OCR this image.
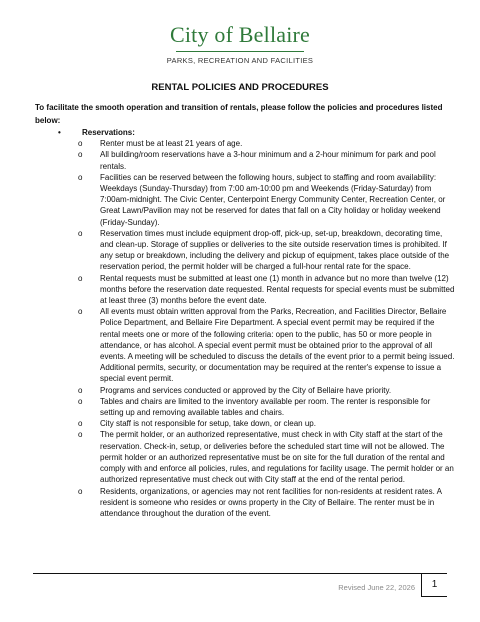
City of Bellaire
PARKS, RECREATION AND FACILITIES
RENTAL POLICIES AND PROCEDURES
To facilitate the smooth operation and transition of rentals, please follow the policies and procedures listed below:
•	Reservations:
o Renter must be at least 21 years of age.
o All building/room reservations have a 3-hour minimum and a 2-hour minimum for park and pool rentals.
o Facilities can be reserved between the following hours, subject to staffing and room availability: Weekdays (Sunday-Thursday) from 7:00 am-10:00 pm and Weekends (Friday-Saturday) from 7:00am-midnight. The Civic Center, Centerpoint Energy Community Center, Recreation Center, or Great Lawn/Pavilion may not be reserved for dates that fall on a City holiday or holiday weekend (Friday-Sunday).
o Reservation times must include equipment drop-off, pick-up, set-up, breakdown, decorating time, and clean-up. Storage of supplies or deliveries to the site outside reservation times is prohibited. If any setup or breakdown, including the delivery and pickup of equipment, takes place outside of the reservation period, the permit holder will be charged a full-hour rental rate for the space.
o Rental requests must be submitted at least one (1) month in advance but no more than twelve (12) months before the reservation date requested. Rental requests for special events must be submitted at least three (3) months before the event date.
o All events must obtain written approval from the Parks, Recreation, and Facilities Director, Bellaire Police Department, and Bellaire Fire Department. A special event permit may be required if the rental meets one or more of the following criteria: open to the public, has 50 or more people in attendance, or has alcohol. A special event permit must be obtained prior to the approval of all events. A meeting will be scheduled to discuss the details of the event prior to a permit being issued. Additional permits, security, or documentation may be required at the renter's expense to issue a special event permit.
o Programs and services conducted or approved by the City of Bellaire have priority.
o Tables and chairs are limited to the inventory available per room. The renter is responsible for setting up and removing available tables and chairs.
o City staff is not responsible for setup, take down, or clean up.
o The permit holder, or an authorized representative, must check in with City staff at the start of the reservation. Check-in, setup, or deliveries before the scheduled start time will not be allowed. The permit holder or an authorized representative must be on site for the full duration of the rental and comply with and enforce all policies, rules, and regulations for facility usage. The permit holder or an authorized representative must check out with City staff at the end of the rental period.
o Residents, organizations, or agencies may not rent facilities for non-residents at resident rates. A resident is someone who resides or owns property in the City of Bellaire. The renter must be in attendance throughout the duration of the event.
Revised June 22, 2026	1
